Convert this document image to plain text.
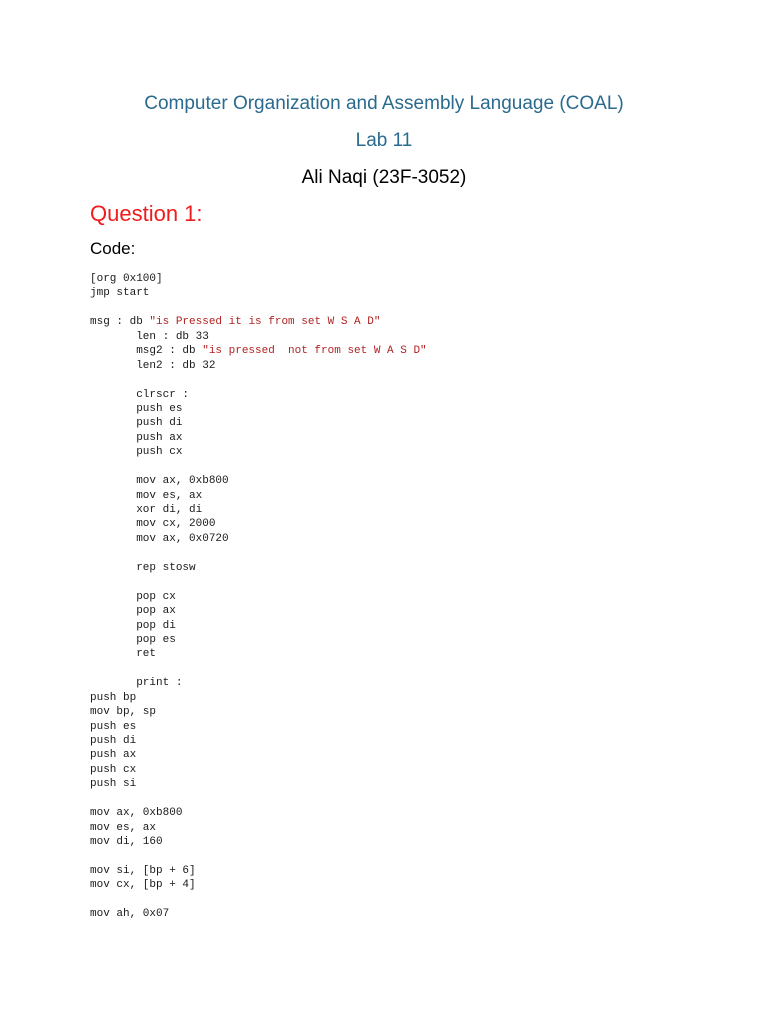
Computer Organization and Assembly Language (COAL)
Lab 11
Ali Naqi (23F-3052)
Question 1:
Code:
[org 0x100]
jmp start
msg : db "is Pressed it is from set W S A D"
len : db 33
msg2 : db "is pressed  not from set W A S D"
len2 : db 32
clrscr :
push es
push di
push ax
push cx
mov ax, 0xb800
mov es, ax
xor di, di
mov cx, 2000
mov ax, 0x0720
rep stosw
pop cx
pop ax
pop di
pop es
ret
print :
push bp
mov bp, sp
push es
push di
push ax
push cx
push si
mov ax, 0xb800
mov es, ax
mov di, 160
mov si, [bp + 6]
mov cx, [bp + 4]
mov ah, 0x07
